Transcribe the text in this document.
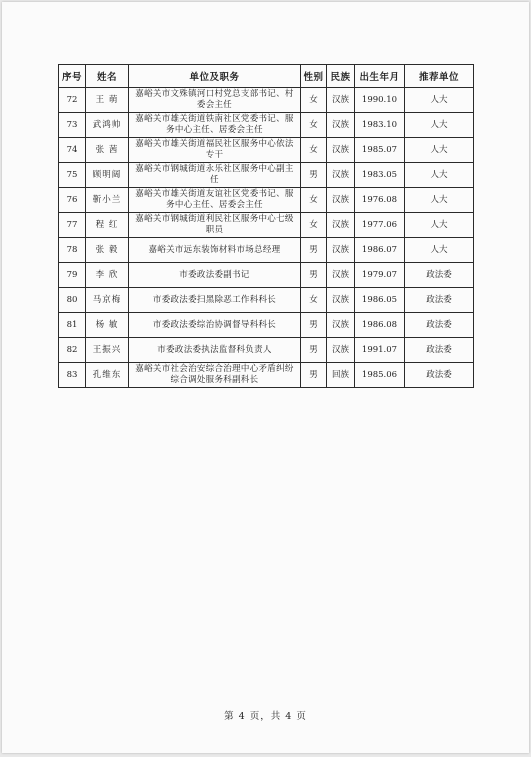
序号	姓名	单位及职务	性别	民族	出生年月	推荐单位
72	王 萌	嘉峪关市文殊镇河口村党总支部书记、村委会主任	女	汉族	1990.10	人大
73	武鸿帅	嘉峪关市雄关街道铁南社区党委书记、服务中心主任、居委会主任	女	汉族	1983.10	人大
74	张 茜	嘉峪关市雄关街道福民社区服务中心依法专干	女	汉族	1985.07	人大
75	顾明阔	嘉峪关市钢城街道永乐社区服务中心副主任	男	汉族	1983.05	人大
76	靳小兰	嘉峪关市雄关街道友谊社区党委书记、服务中心主任、居委会主任	女	汉族	1976.08	人大
77	程 红	嘉峪关市钢城街道利民社区服务中心七级职员	女	汉族	1977.06	人大
78	张 毅	嘉峪关市远东装饰材料市场总经理	男	汉族	1986.07	人大
79	李 欣	市委政法委副书记	男	汉族	1979.07	政法委
80	马京梅	市委政法委扫黑除恶工作科科长	女	汉族	1986.05	政法委
81	杨 敏	市委政法委综治协调督导科科长	男	汉族	1986.08	政法委
82	王振兴	市委政法委执法监督科负责人	男	汉族	1991.07	政法委
83	孔维东	嘉峪关市社会治安综合治理中心矛盾纠纷综合调处服务科副科长	男	回族	1985.06	政法委
第 4 页，共 4 页
